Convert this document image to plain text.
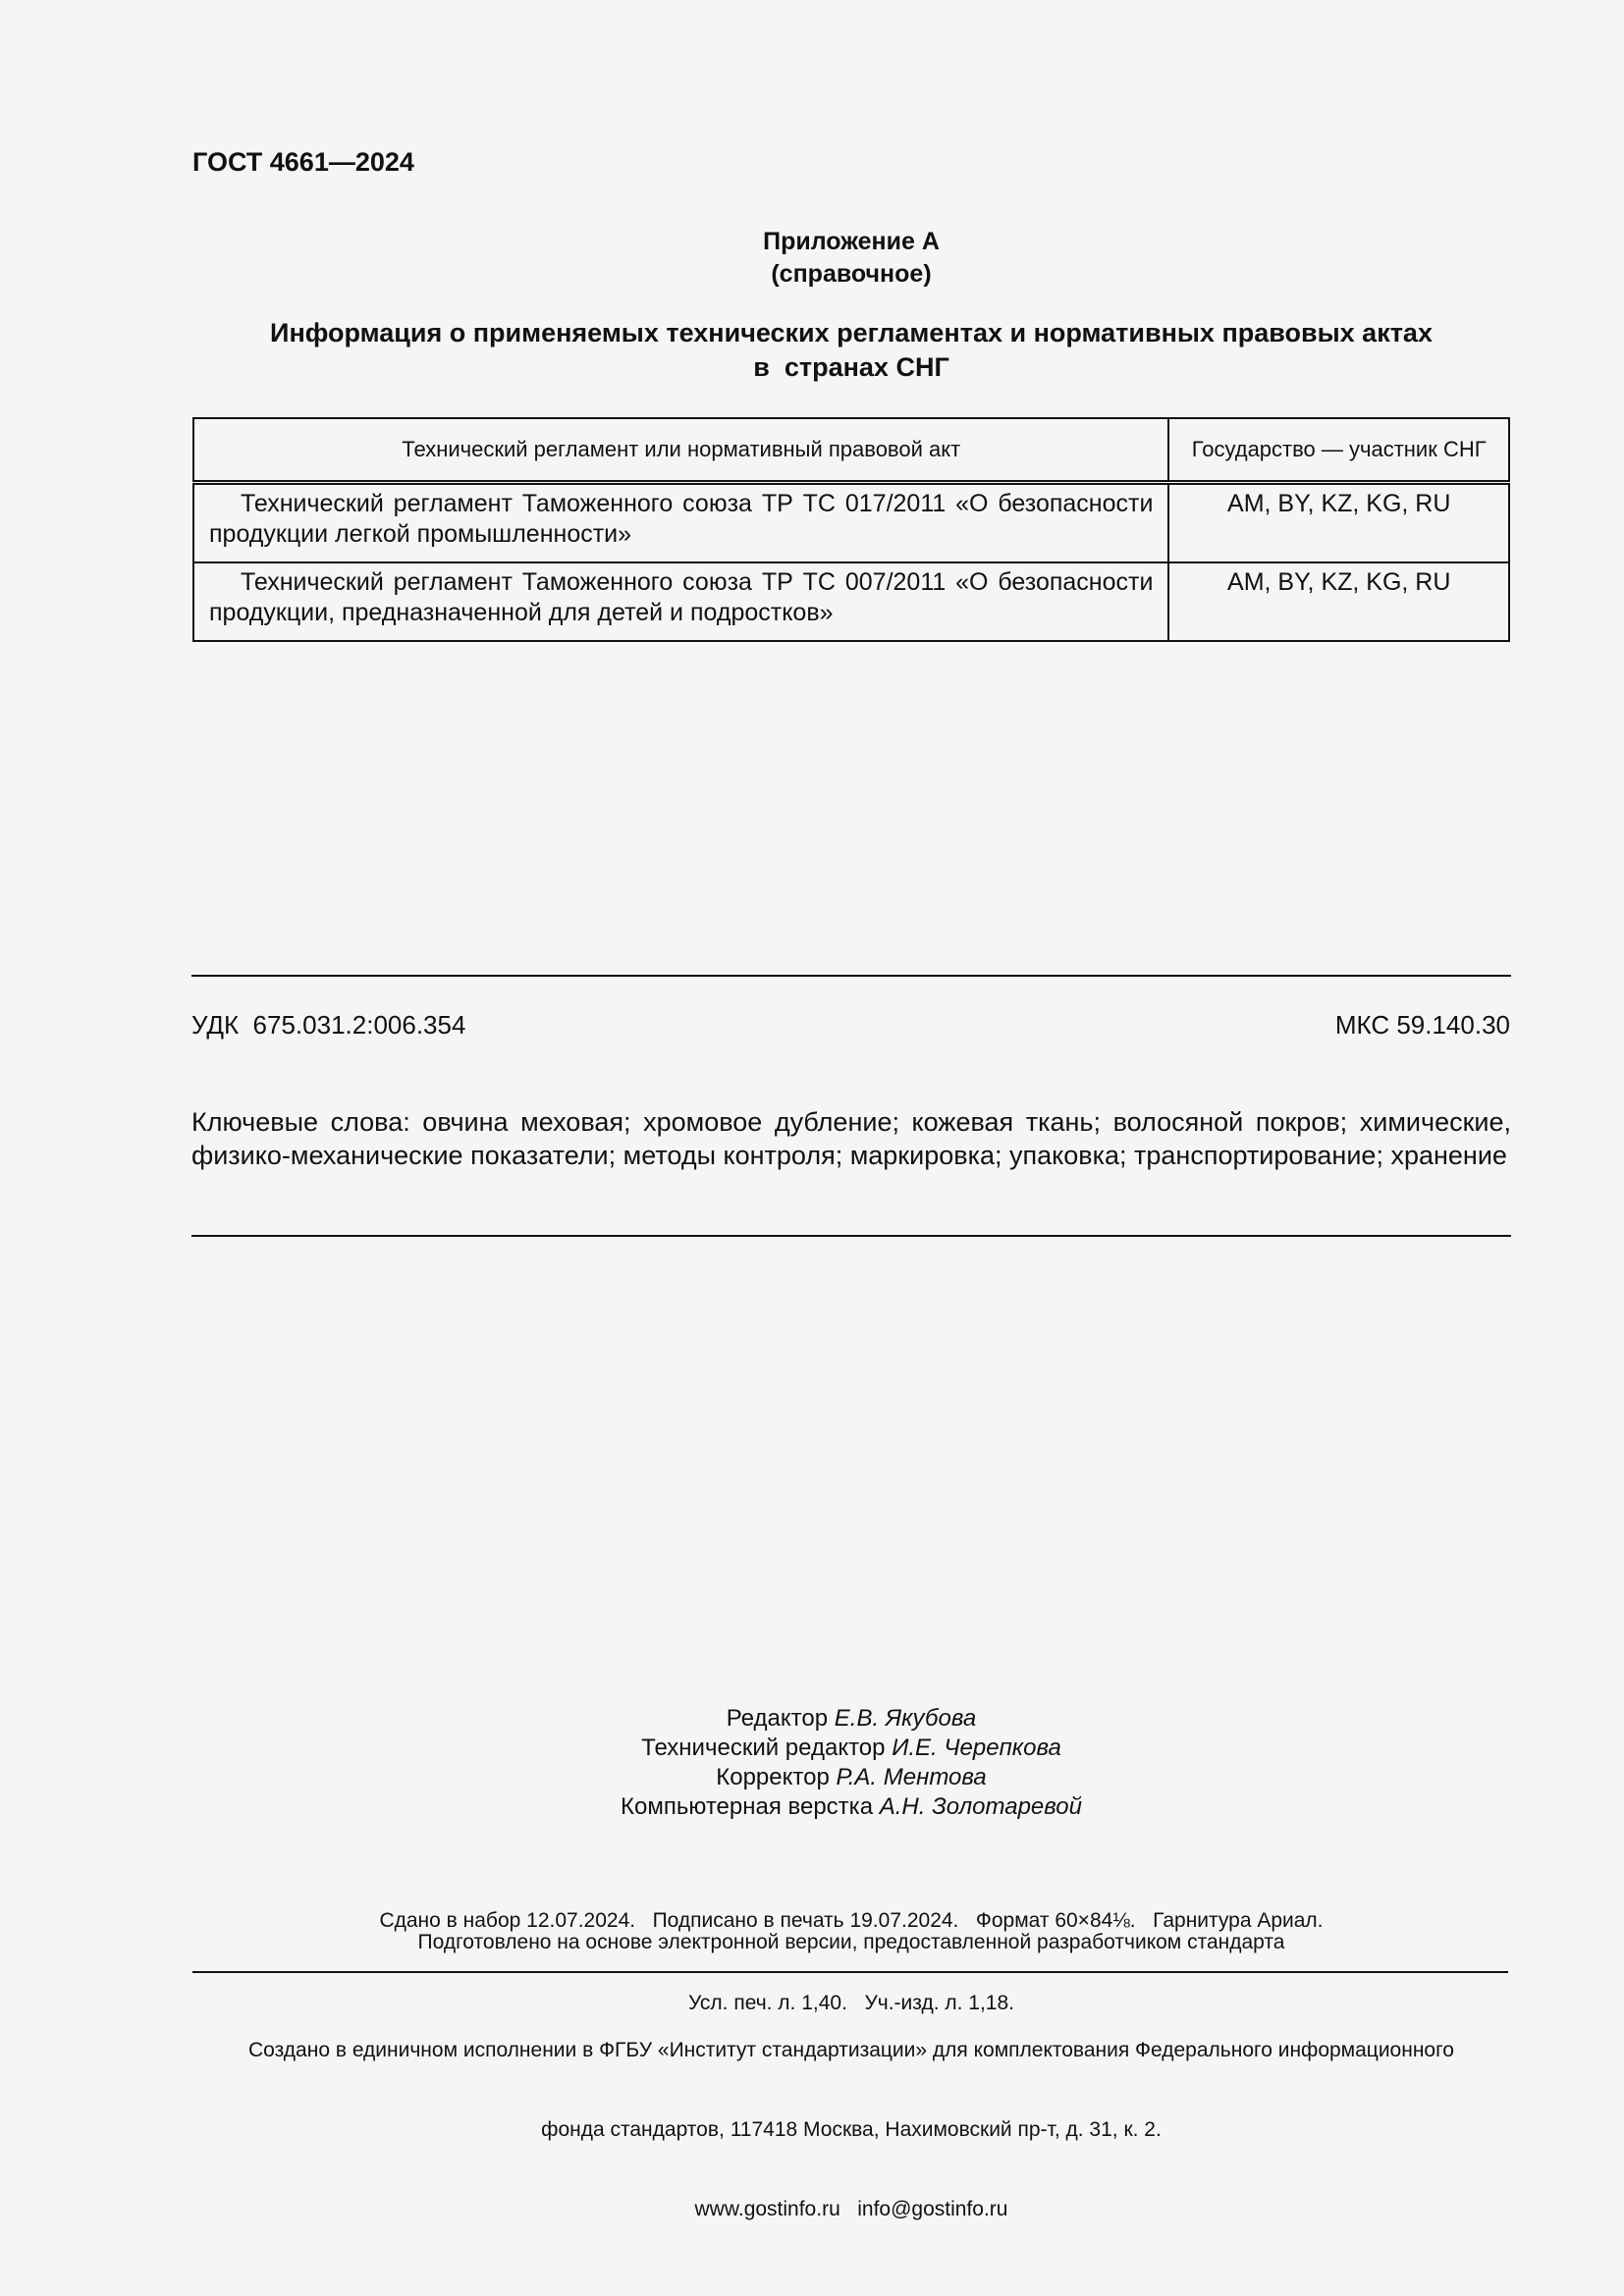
ГОСТ 4661—2024
Приложение А
(справочное)
Информация о применяемых технических регламентах и нормативных правовых актах
в  странах СНГ
Технический регламент или нормативный правовой акт	Государство — участник СНГ
Технический регламент Таможенного союза ТР ТС 017/2011 «О безопасности продукции легкой промышленности»	AM, BY, KZ, KG, RU
Технический регламент Таможенного союза ТР ТС 007/2011 «О безопасности продукции, предназначенной для детей и подростков»	AM, BY, KZ, KG, RU
УДК  675.031.2:006.354	МКС 59.140.30
Ключевые слова: овчина меховая; хромовое дубление; кожевая ткань; волосяной покров; химические, физико-механические показатели; методы контроля; маркировка; упаковка; транспортирование; хранение
Редактор Е.В. Якубова
Технический редактор И.Е. Черепкова
Корректор Р.А. Ментова
Компьютерная верстка А.Н. Золотаревой

Сдано в набор 12.07.2024.   Подписано в печать 19.07.2024.   Формат 60×84⅛.   Гарнитура Ариал.

Усл. печ. л. 1,40.   Уч.-изд. л. 1,18.

Подготовлено на основе электронной версии, предоставленной разработчиком стандарта

Создано в единичном исполнении в ФГБУ «Институт стандартизации» для комплектования Федерального информационного

фонда стандартов, 117418 Москва, Нахимовский пр-т, д. 31, к. 2.

www.gostinfo.ru   info@gostinfo.ru
